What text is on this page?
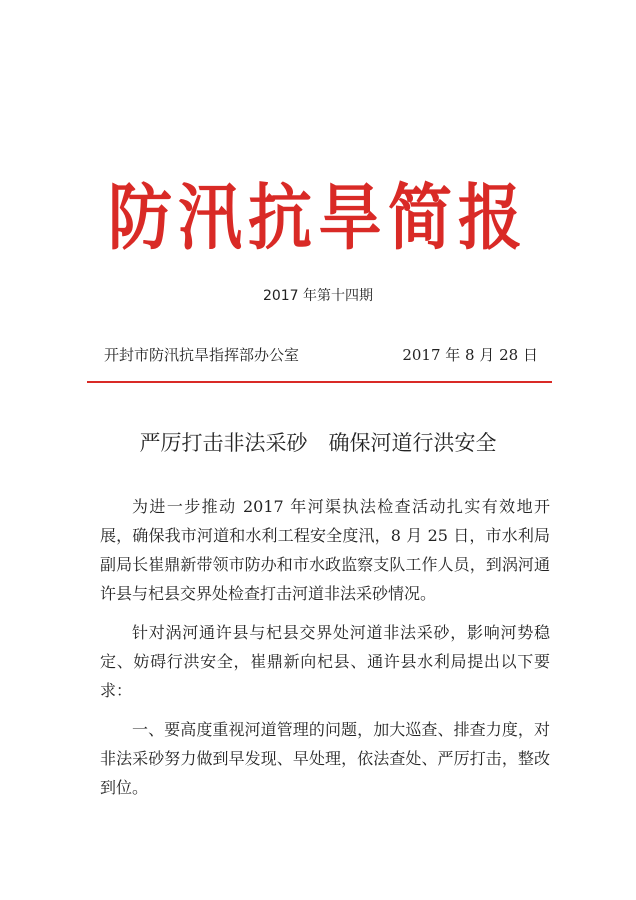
防汛抗旱简报
2017 年第十四期
开封市防汛抗旱指挥部办公室	2017 年 8 月 28 日
严厉打击非法采砂　确保河道行洪安全

为进一步推动 2017 年河渠执法检查活动扎实有效地开展，确保我市河道和水利工程安全度汛，8 月 25 日，市水利局副局长崔鼎新带领市防办和市水政监察支队工作人员，到涡河通许县与杞县交界处检查打击河道非法采砂情况。

针对涡河通许县与杞县交界处河道非法采砂，影响河势稳定、妨碍行洪安全，崔鼎新向杞县、通许县水利局提出以下要求：

一、要高度重视河道管理的问题，加大巡查、排查力度，对非法采砂努力做到早发现、早处理，依法查处、严厉打击，整改到位。
